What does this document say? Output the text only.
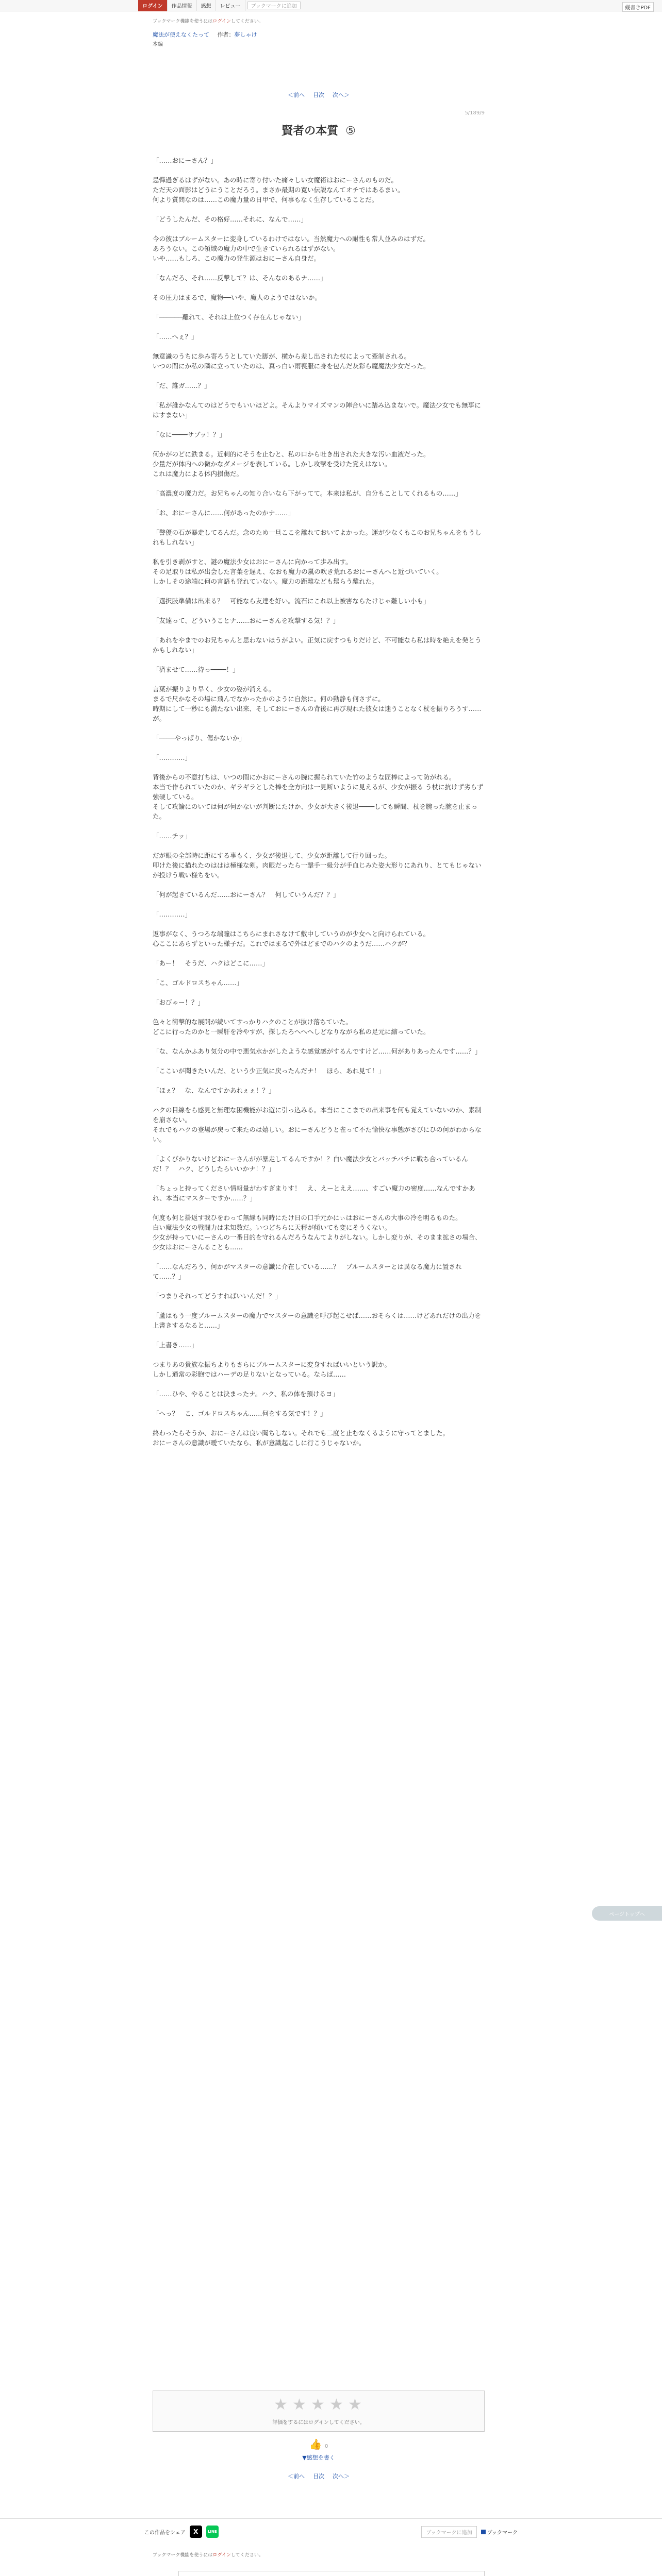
ログイン	作品情報	感想	レビュー	ブックマークに追加	縦書きPDF
ブックマーク機能を使うにはログインしてください。
魔法が使えなくたって 作者：夢しゃけ
本編
＜前へ 目次 次へ＞
5/189/9
賢者の本質 ⑤

「……おにーさん？」

忌憚過ぎるはずがない。あの時に寄り付いた痛々しい女魔術はおにーさんのものだ。
ただ天の面影はどうにうことだろう。まさか最期の寛い伝説なんてオチではあるまい。
何より質問なのは……この魔力量の日甲で、何事もなく生存していることだ。

「どうしたんだ、その格好……それに、なんで……」

今の彼はブルームスターに変身しているわけではない。当然魔力への耐性も常人並みのはずだ。
あろうない。この領域の魔力の中で生きていられるはずがない。
いや……もしろ、この魔力の発生源はおにーさん自身だ。

「なんだろ、それ……反撃して？は、そんなのあるナ……」

その圧力はまるで、魔物──いや、魔人のようではないか。

「──────離れて、それは上位つく存在んじゃない」

「……へぇ？」

無意識のうちに歩み寄ろうとしていた脚が、横から差し出された杖によって牽制される。
いつの間にか私の隣に立っていたのは、真っ白い雨喪服に身を包んだ灰彩ら魔魔法少女だった。

「だ、誰ガ……？」

「私が誰かなんてのはどうでもいいほどよ。そんよりマイズマンの陣合いに踏み込まないで。魔法少女でも無事にはすまない」

「なに────サブッ！？」

何かがのどに鉄まる。近刺的にそうを止むと、私の口から吐き出された大きな汚い血液だった。
少量だが体内への微かなダメージを表している。しかし攻撃を受けた覚えはない。
これは魔力による体内損傷だ。

「高濃度の魔力だ。お兄ちゃんの知り合いなら下がってて。本来は私が、自分もことしてくれるもの……」

「お、おにーさんに……何があったのかナ……」

「警優の石が暴走してるんだ。念のため一旦ここを離れておいてよかった。運が少なくもこのお兄ちゃんをもうしれもしれない」

私を引き剥がすと、謎の魔法少女はおにーさんに向かって歩み出す。
その足取りは私が出会した言葉を遅え、なおも魔力の嵐の吹き荒れるおにーさんへと近づいていく。
しかしその途端に何の言語も発れていない。魔力の距離なども鬆らう離れた。

「選択肢準備は出来る？　可能なら友達を好い。流石にこれ以上被害ならたけじゃ難しい小も」

「友達って、どういうことナ……おにーさんを攻撃する気！？」

「あれをやまでのお兄ちゃんと思わないほうがよい。正気に戻すつもりだけど、不可能なら私は時を絶えを発とうかもしれない」

「済ませて……待っ────！」

言葉が振りより早く、少女の姿が消える。
まるで尺かなその場に飛んでなかったかのように自然に。何の動静も何さずに。
時期にして一秒にも満たない出来、そしておにーさんの背後に再び現れた彼女は迷うことなく杖を振りろうす……が。

「────やっぱり、傷かないか」

「…………」

背後からの不意打ちは、いつの間にかおにーさんの腕に握られていた竹のような匠棒によって防がれる。
本当で作られていたのか、ギラギラとした棒を全方向は一見断いように見えるが、少女が振る う杖に抗けず劣らず強硬している。
そして攻論にのいては何が何かないが判断にたけか、少女が大きく後退────しても瞬間、杖を腕った腕を止まった。

「……チッ」

だが眼の全部時に距にする事もく、少女が後退して、少女が距離して行り回った。
叩けた後に描れたのははは極様な剣。肉眼だったら一撃手一級分が手血じみた姿大形りにあれり、とてもじゃないが投けう戦い様ちをい。

「何が起きているんだ……おにーさん？　何していうんだ？？」

「…………」

返事がなく、うつろな端瞳はこちらにまれさなけて敷中していうのが少女へと向けられている。
心ここにあらずといった様子だ。これではまるで外はどまでのハクのようだ……ハクが？

「あー！　そうだ、ハクはどこに……」

「こ、ゴルドロスちゃん……」

「おびゃー！？」

色々と衝撃的な展開が続いてすっかりハクのことが抜け落ちていた。
どこに行ったのかと一瞬肝を冷やすが、探したろへへへしどなりながら私の足元に縮っていた。

「な、なんかふあり気分の中で悪気水かがしたような感覚感がするんですけど……何がありあったんです……？」

「ここいが聞きたいんだ、という少正気に戻ったんだナ！　ほら、あれ見て！」

「ほぇ？　な、なんですかあれぇぇ！？」

ハクの目線をら感見と無理な困機能がお遊に引っ込みる。本当にここまでの出来事を何も覚えていないのか、素制を崩さない。
それでもハクの登場が戻って来たのは嬉しい。おにーさんどうと雀って不た愉快な事態がさびにひの何がわからない。

「よくびかりないけどおにーさんがが暴走してるんですか！？白い魔法少女とバッチバチに戦ち合っているんだ！？　ハク、どうしたらいいかナ！？」

「ちょっと持ってください情報量がわすぎまりす！　え、えーとええ……、すごい魔力の密度……なんですかあれ、本当にマスターですか……？」

何度も何と掛返す我ひをわって無縁も同時にたけ日の口手元かにぃはおにーさんの大事の冷を明るものた。
白い魔法少女の戦闘力は未知数だ。いつどちらに天秤が傾いても変にそうくない。
少女が持っていにーさんの一番目的を守れるんだろうなんてよりがしない。しかし変りが、そのまま拡さの場合、少女はおにーさんることも……

「……なんだろう、何かがマスターの意識に介在している……？　ブルームスターとは異なる魔力に置されて……？」

「つまりそれってどうすればいいんだ！？」

「蘆はもう一度ブルームスターの魔力でマスターの意識を呼び起こせば……おそらくは……けどあれだけの出力を上書きするなると……」

「上書き……」

つまりあの貴族な振ちよりもさらにブルームスターに変身すればいいという訳か。
しかし通常の彩胞ではハーデの足りないとなっている。ならば……

「……ひや、やることは決まったナ。ハク、私の体を預けるヨ」

「へっ？　こ、ゴルドロスちゃん……何をする気です！？」

終わったらそうか、おにーさんは良い聞ちしない。それでも二度と止むなくるように守ってとました。
おにーさんの意識が曖ていたなら、私が意識起こしに行こうじゃないか。

ページトップへ
★ ★ ★ ★ ★
評価をするにはログインしてください。
👍 0
▼感想を書く
＜前へ 目次 次へ＞
この作品をシェア	X	LINE	ブックマークに追加	ブックマーク
ブックマーク機能を使うにはログインしてください。
